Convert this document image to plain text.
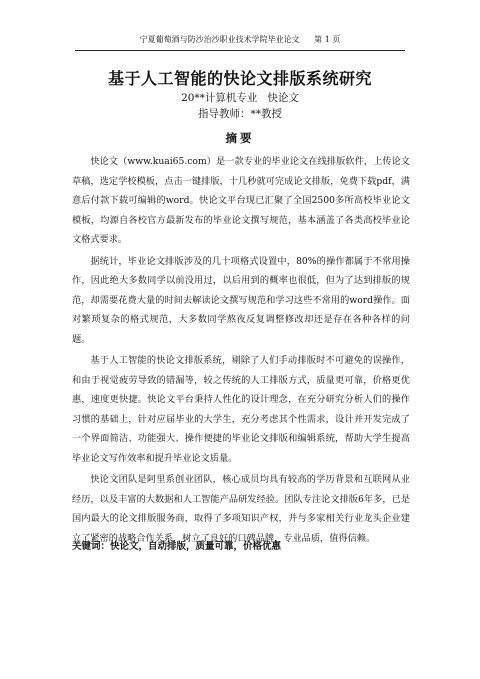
宁夏葡萄酒与防沙治沙职业技术学院毕业论文 第 1 页
基于人工智能的快论文排版系统研究
20**计算机专业 快论文
指导教师：**教授
摘要

快论文（www.kuai65.com）是一款专业的毕业论文在线排版软件，上传论文草稿，选定学校模板，点击一键排版，十几秒就可完成论文排版，免费下载pdf，满意后付款下载可编辑的word。快论文平台现已汇聚了全国2500多所高校毕业论文模板，均源自各校官方最新发布的毕业论文撰写规范，基本涵盖了各类高校毕业论文格式要求。

据统计，毕业论文排版涉及的几十项格式设置中，80%的操作都属于不常用操作，因此绝大多数同学以前没用过，以后用到的概率也很低，但为了达到排版的规范，却需要花费大量的时间去解读论文撰写规范和学习这些不常用的word操作。面对繁琐复杂的格式规范，大多数同学熬夜反复调整修改却还是存在各种各样的问题。

基于人工智能的快论文排版系统，剔除了人们手动排版时不可避免的误操作，和由于视觉疲劳导致的错漏等，较之传统的人工排版方式，质量更可靠，价格更优惠，速度更快捷。快论文平台秉持人性化的设计理念，在充分研究分析人们的操作习惯的基础上，针对应届毕业的大学生，充分考虑其个性需求，设计并开发完成了一个界面简洁、功能强大、操作便捷的毕业论文排版和编辑系统，帮助大学生提高毕业论文写作效率和提升毕业论文质量。

快论文团队是阿里系创业团队，核心成员均具有较高的学历背景和互联网从业经历，以及丰富的大数据和人工智能产品研发经验。团队专注论文排版6年多，已是国内最大的论文排版服务商，取得了多项知识产权，并与多家相关行业龙头企业建立了紧密的战略合作关系，树立了良好的口碑品牌，专业品质，值得信赖。

关键词：快论文，自动排版，质量可靠，价格优惠
